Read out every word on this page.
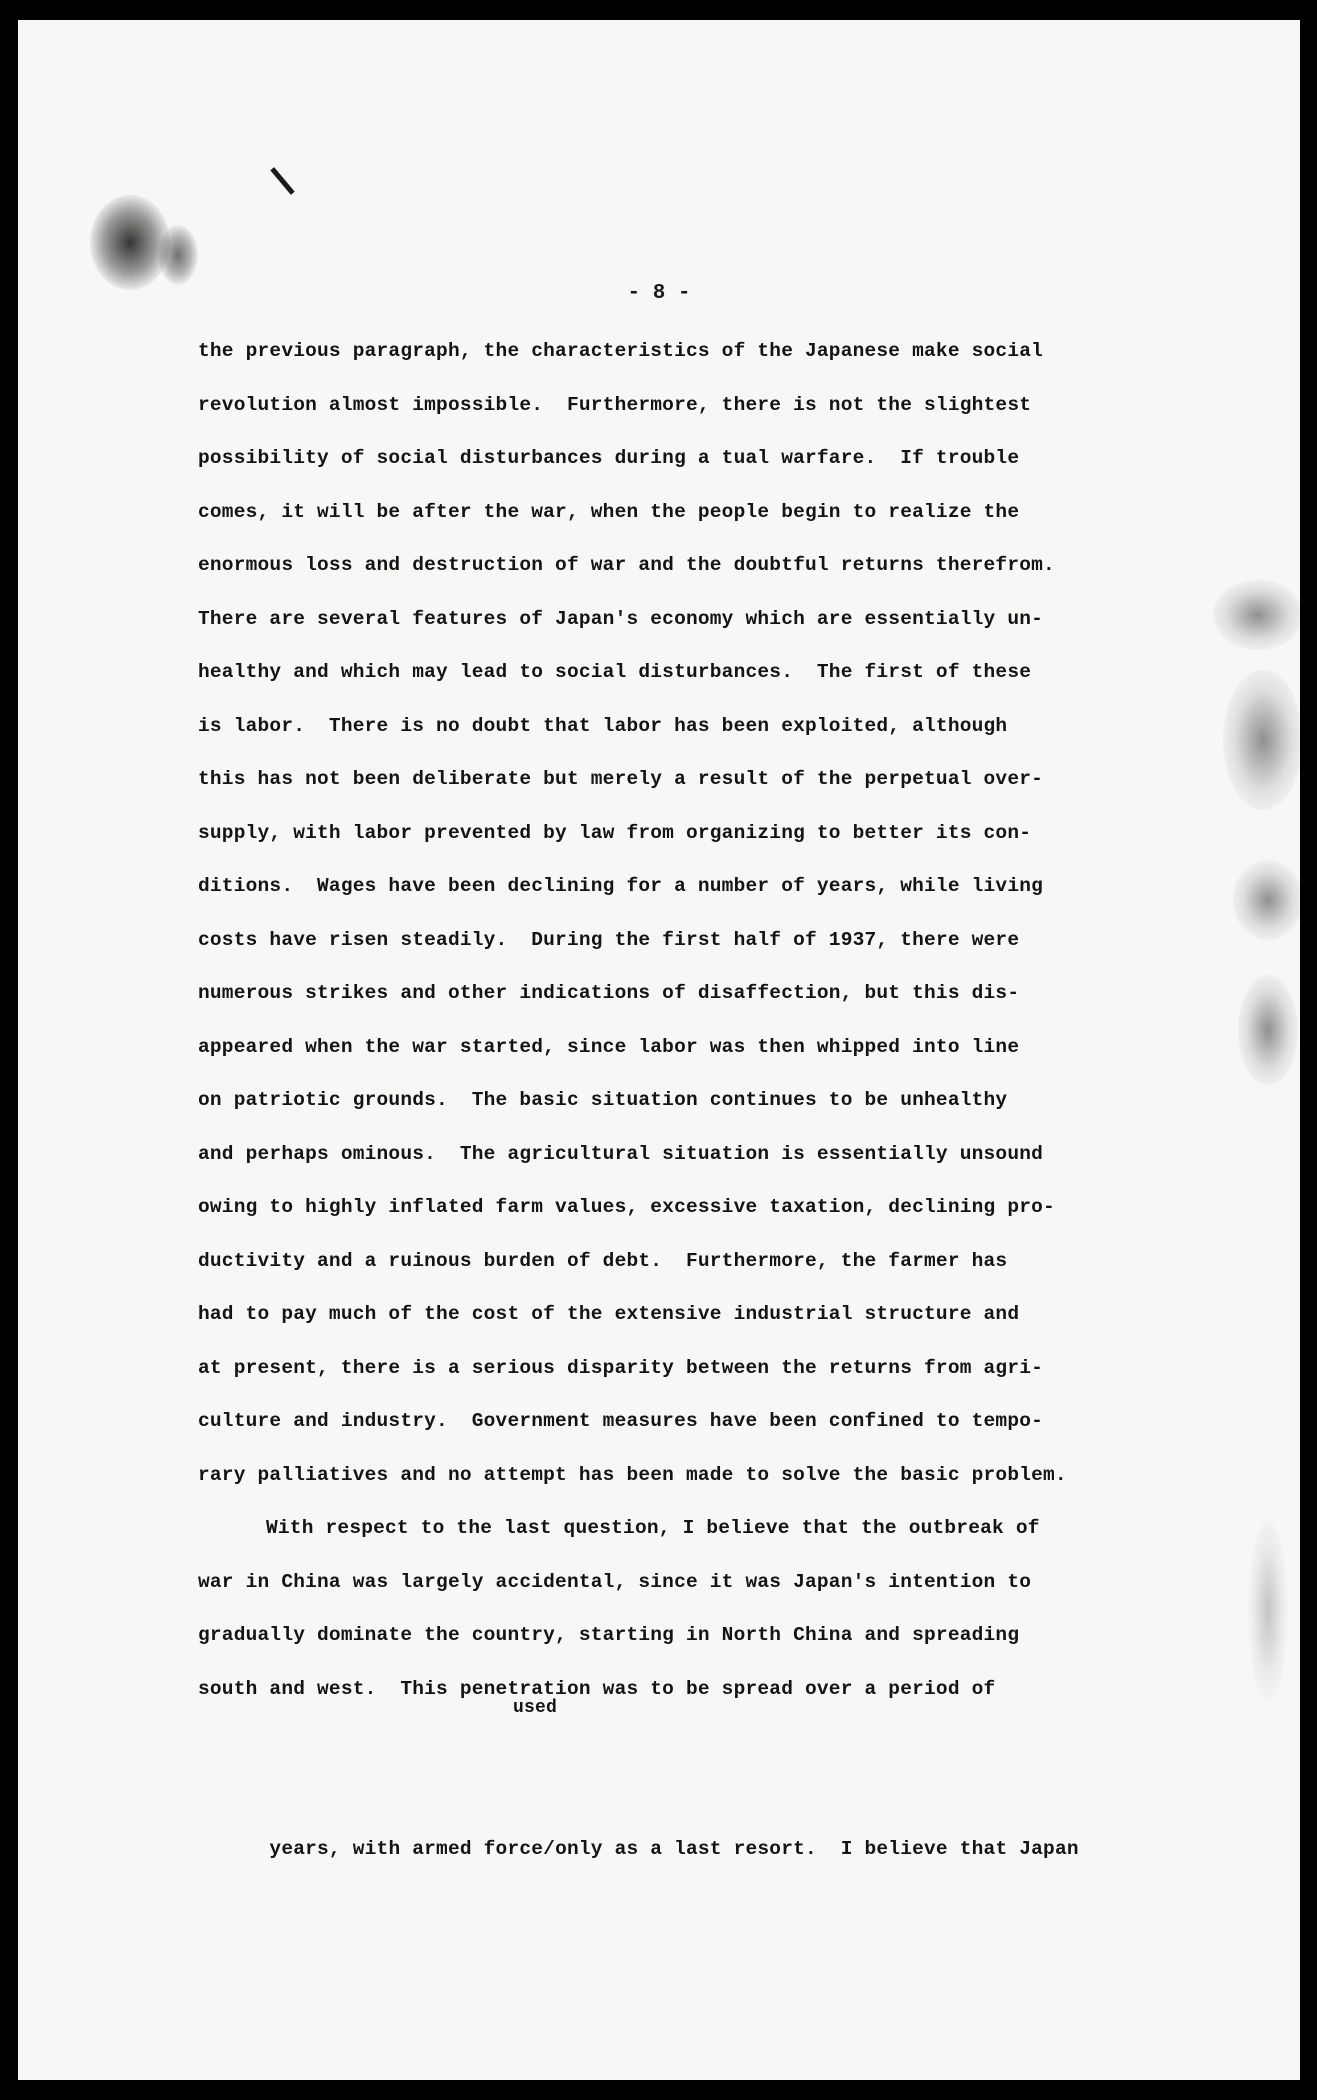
- 8 -
the previous paragraph, the characteristics of the Japanese make social
revolution almost impossible.  Furthermore, there is not the slightest
possibility of social disturbances during a tual warfare.  If trouble
comes, it will be after the war, when the people begin to realize the
enormous loss and destruction of war and the doubtful returns therefrom.
There are several features of Japan's economy which are essentially un-
healthy and which may lead to social disturbances.  The first of these
is labor.  There is no doubt that labor has been exploited, although
this has not been deliberate but merely a result of the perpetual over-
supply, with labor prevented by law from organizing to better its con-
ditions.  Wages have been declining for a number of years, while living
costs have risen steadily.  During the first half of 1937, there were
numerous strikes and other indications of disaffection, but this dis-
appeared when the war started, since labor was then whipped into line
on patriotic grounds.  The basic situation continues to be unhealthy
and perhaps ominous.  The agricultural situation is essentially unsound
owing to highly inflated farm values, excessive taxation, declining pro-
ductivity and a ruinous burden of debt.  Furthermore, the farmer has
had to pay much of the cost of the extensive industrial structure and
at present, there is a serious disparity between the returns from agri-
culture and industry.  Government measures have been confined to tempo-
rary palliatives and no attempt has been made to solve the basic problem.
With respect to the last question, I believe that the outbreak of
war in China was largely accidental, since it was Japan's intention to
gradually dominate the country, starting in North China and spreading
south and west.  This penetration was to be spread over a period of

used

years, with armed force/only as a last resort.  I believe that Japan
